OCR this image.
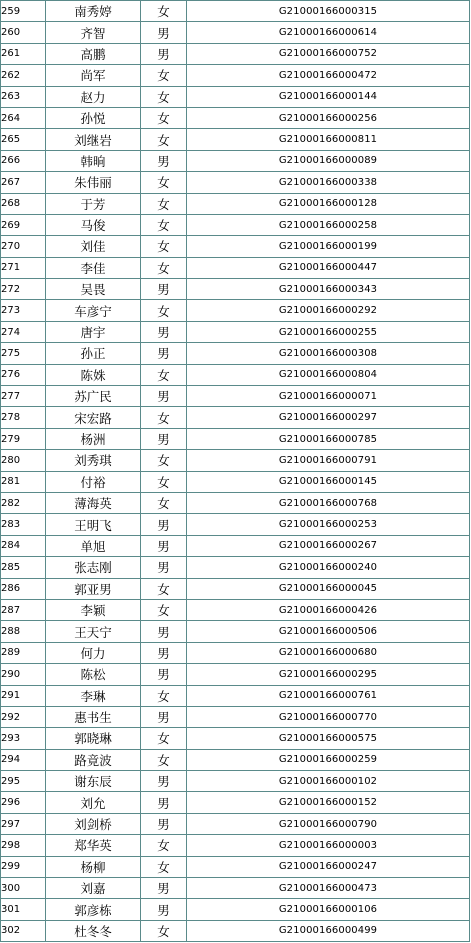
259	南秀婷	女	G21000166000315
260	齐智	男	G21000166000614
261	高鹏	男	G21000166000752
262	尚军	女	G21000166000472
263	赵力	女	G21000166000144
264	孙悦	女	G21000166000256
265	刘继岩	女	G21000166000811
266	韩晌	男	G21000166000089
267	朱伟丽	女	G21000166000338
268	于芳	女	G21000166000128
269	马俊	女	G21000166000258
270	刘佳	女	G21000166000199
271	李佳	女	G21000166000447
272	吴畏	男	G21000166000343
273	车彦宁	女	G21000166000292
274	唐宇	男	G21000166000255
275	孙正	男	G21000166000308
276	陈姝	女	G21000166000804
277	苏广民	男	G21000166000071
278	宋宏路	女	G21000166000297
279	杨洲	男	G21000166000785
280	刘秀琪	女	G21000166000791
281	付裕	女	G21000166000145
282	薄海英	女	G21000166000768
283	王明飞	男	G21000166000253
284	单旭	男	G21000166000267
285	张志刚	男	G21000166000240
286	郭亚男	女	G21000166000045
287	李颖	女	G21000166000426
288	王天宁	男	G21000166000506
289	何力	男	G21000166000680
290	陈松	男	G21000166000295
291	李琳	女	G21000166000761
292	惠书生	男	G21000166000770
293	郭晓琳	女	G21000166000575
294	路竟波	女	G21000166000259
295	谢东辰	男	G21000166000102
296	刘允	男	G21000166000152
297	刘剑桥	男	G21000166000790
298	郑华英	女	G21000166000003
299	杨柳	女	G21000166000247
300	刘嘉	男	G21000166000473
301	郭彦栋	男	G21000166000106
302	杜冬冬	女	G21000166000499
